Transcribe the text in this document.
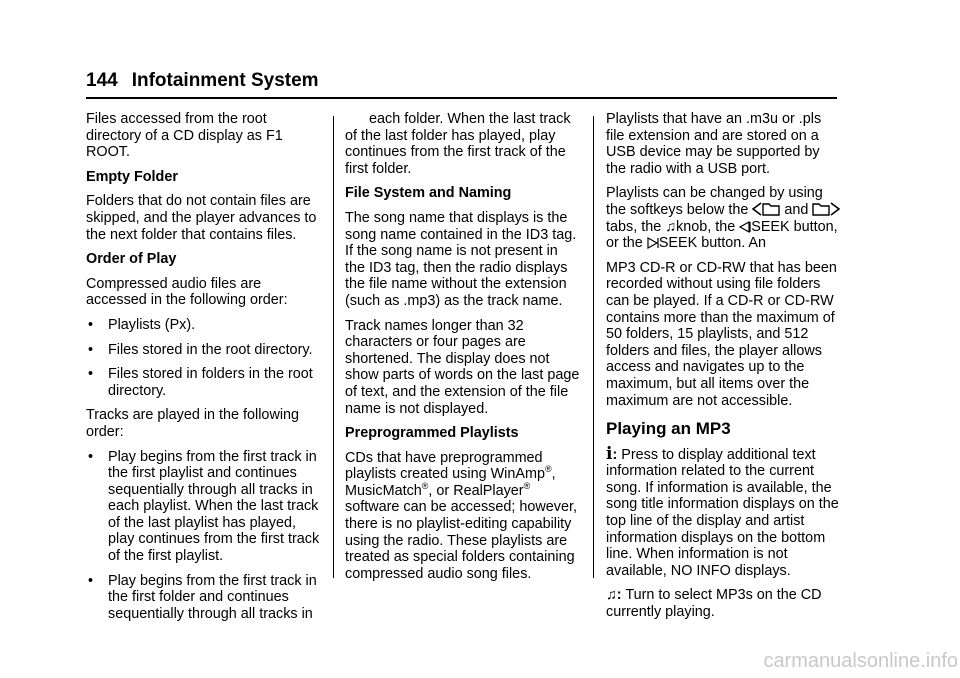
144 Infotainment System

Files accessed from the root directory of a CD display as F1 ROOT.

Empty Folder

Folders that do not contain files are skipped, and the player advances to the next folder that contains files.

Order of Play

Compressed audio files are accessed in the following order:

• Playlists (Px).
• Files stored in the root directory.
• Files stored in folders in the root directory.

Tracks are played in the following order:

• Play begins from the first track in the first playlist and continues sequentially through all tracks in each playlist. When the last track of the last playlist has played, play continues from the first track of the first playlist.
• Play begins from the first track in the first folder and continues sequentially through all tracks in

each folder. When the last track of the last folder has played, play continues from the first track of the first folder.

File System and Naming

The song name that displays is the song name contained in the ID3 tag. If the song name is not present in the ID3 tag, then the radio displays the file name without the extension (such as .mp3) as the track name.

Track names longer than 32 characters or four pages are shortened. The display does not show parts of words on the last page of text, and the extension of the file name is not displayed.

Preprogrammed Playlists

CDs that have preprogrammed playlists created using WinAmp®, MusicMatch®, or RealPlayer® software can be accessed; however, there is no playlist-editing capability using the radio. These playlists are treated as special folders containing compressed audio song files.

Playlists that have an .m3u or .pls file extension and are stored on a USB device may be supported by the radio with a USB port.

Playlists can be changed by using the softkeys below the	and  tabs, the ♫knob, the SEEK button, or the SEEK button. An

MP3 CD-R or CD-RW that has been recorded without using file folders can be played. If a CD-R or CD-RW contains more than the maximum of 50 folders, 15 playlists, and 512 folders and files, the player allows access and navigates up to the maximum, but all items over the maximum are not accessible.

Playing an MP3

i: Press to display additional text information related to the current song. If information is available, the song title information displays on the top line of the display and artist information displays on the bottom line. When information is not available, NO INFO displays.

♫: Turn to select MP3s on the CD currently playing.

carmanualsonline.info
